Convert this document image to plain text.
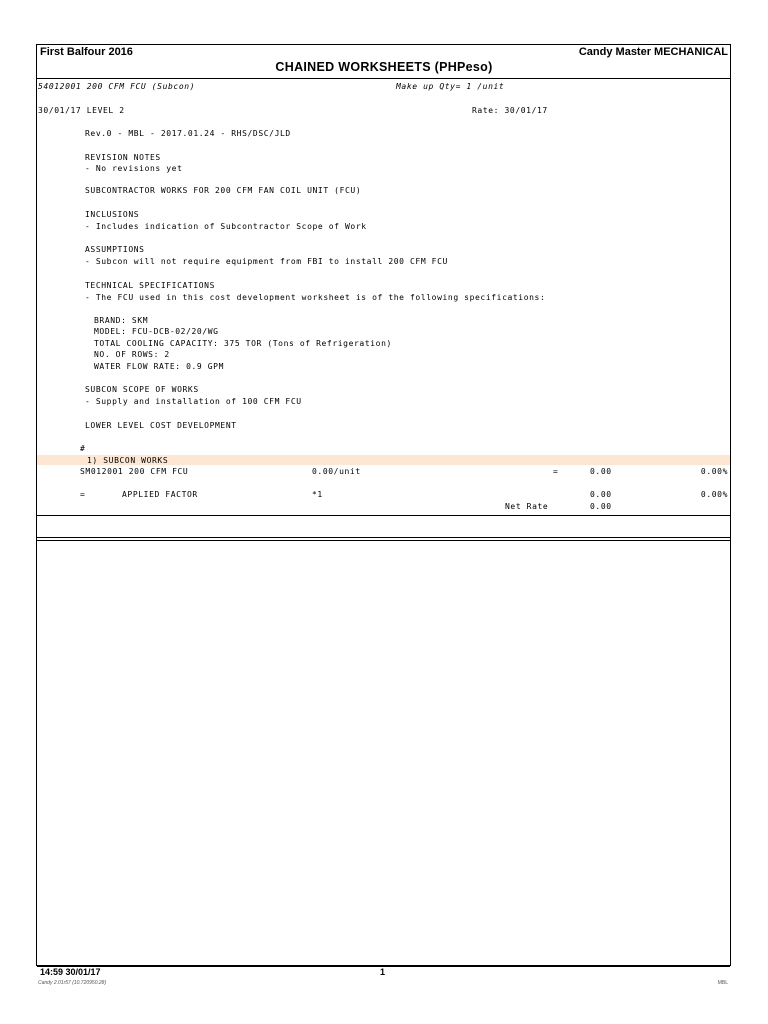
First Balfour 2016	Candy Master MECHANICAL
CHAINED WORKSHEETS (PHPeso)
54012001 200 CFM FCU (Subcon)	Make up Qty= 1 /unit
30/01/17 LEVEL 2	Rate: 30/01/17
Rev.0 - MBL - 2017.01.24 - RHS/DSC/JLD
REVISION NOTES
- No revisions yet
SUBCONTRACTOR WORKS FOR 200 CFM FAN COIL UNIT (FCU)
INCLUSIONS
- Includes indication of Subcontractor Scope of Work
ASSUMPTIONS
- Subcon will not require equipment from FBI to install 200 CFM FCU
TECHNICAL SPECIFICATIONS
- The FCU used in this cost development worksheet is of the following specifications:
BRAND: SKM
MODEL: FCU-DCB-02/20/WG
TOTAL COOLING CAPACITY: 375 TOR (Tons of Refrigeration)
NO. OF ROWS: 2
WATER FLOW RATE: 0.9 GPM
SUBCON SCOPE OF WORKS
- Supply and installation of 100 CFM FCU
LOWER LEVEL COST DEVELOPMENT
#
1) SUBCON WORKS
SM012001 200 CFM FCU	0.00/unit	=	0.00	0.00%
=	APPLIED FACTOR	*1	0.00	0.00%
Net Rate	0.00
14:59 30/01/17	1
Candy 2.01r57 (10.720950.28)	MBL
